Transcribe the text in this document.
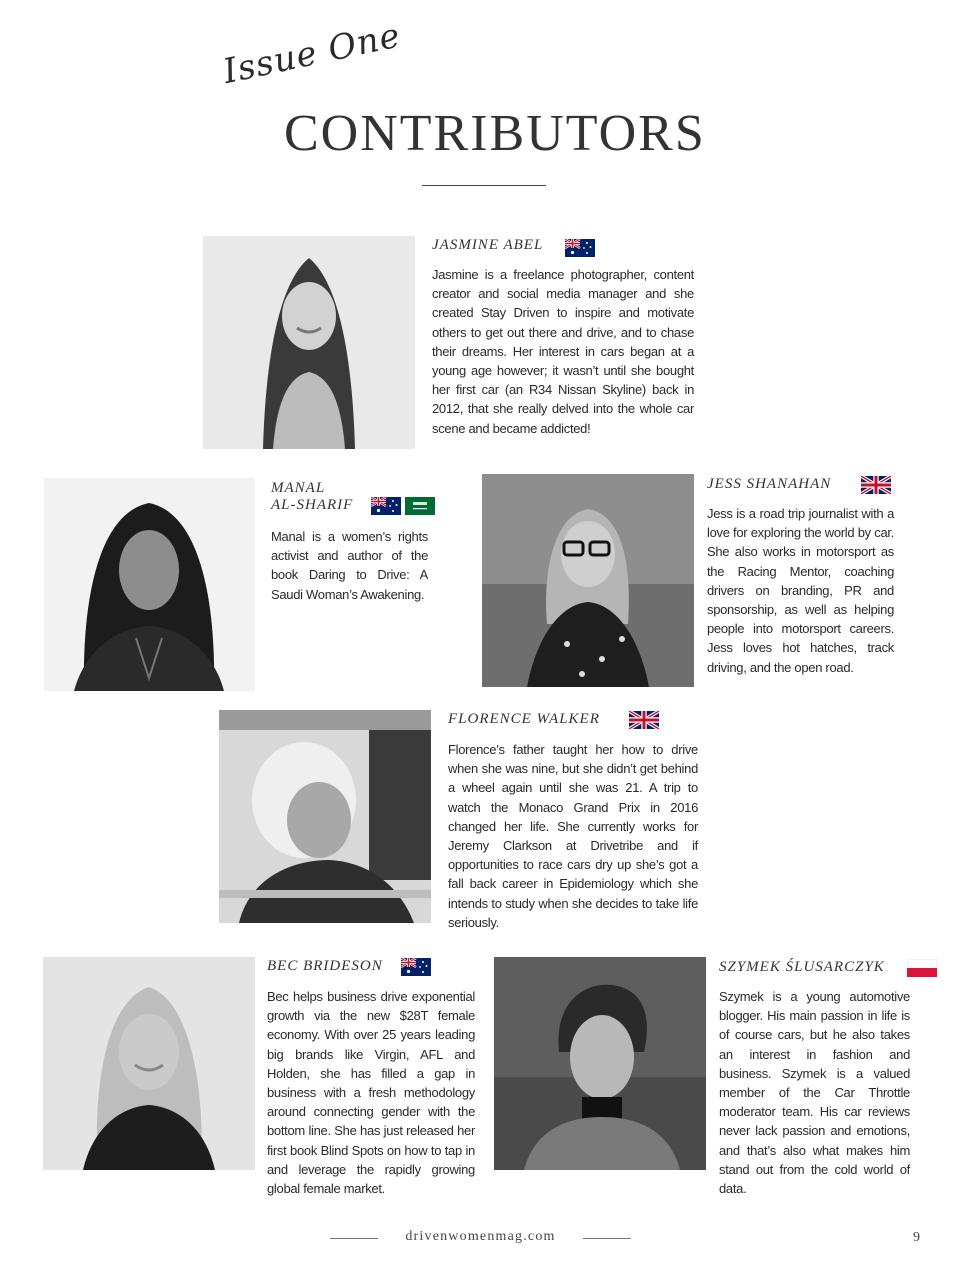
Issue One
CONTRIBUTORS
JASMINE ABEL
Jasmine is a freelance photographer, content creator and social media manager and she created Stay Driven to inspire and motivate others to get out there and drive, and to chase their dreams. Her interest in cars began at a young age however; it wasn’t until she bought her first car (an R34 Nissan Skyline) back in 2012, that she really delved into the whole car scene and became addicted!
MANAL
AL-SHARIF
Manal is a women’s rights activist and author of the book Daring to Drive: A Saudi Woman’s Awakening.
JESS SHANAHAN
Jess is a road trip journalist with a love for exploring the world by car. She also works in motorsport as the Racing Mentor, coaching drivers on branding, PR and sponsorship, as well as helping people into motorsport careers. Jess loves hot hatches, track driving, and the open road.
FLORENCE WALKER
Florence’s father taught her how to drive when she was nine, but she didn’t get behind a wheel again until she was 21. A trip to watch the Monaco Grand Prix in 2016 changed her life. She currently works for Jeremy Clarkson at Drivetribe and if opportunities to race cars dry up she’s got a fall back career in Epidemiology which she intends to study when she decides to take life seriously.
BEC BRIDESON
Bec helps business drive exponential growth via the new $28T female economy. With over 25 years leading big brands like Virgin, AFL and Holden, she has filled a gap in business with a fresh methodology around connecting gender with the bottom line. She has just released her first book Blind Spots on how to tap in and leverage the rapidly growing global female market.
SZYMEK ŚLUSARCZYK
Szymek is a young automotive blogger. His main passion in life is of course cars, but he also takes an interest in fashion and business. Szymek is a valued member of the Car Throttle moderator team. His car reviews never lack passion and emotions, and that’s also what makes him stand out from the cold world of data.
drivenwomenmag.com	9
